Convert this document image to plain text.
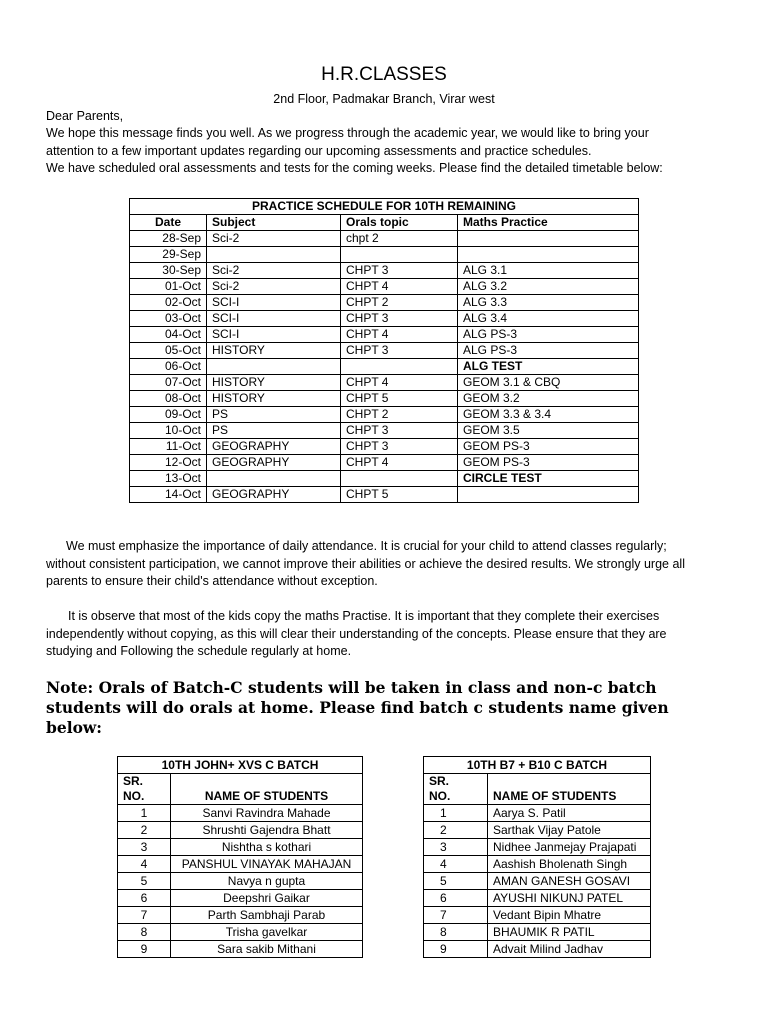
H.R.CLASSES
2nd Floor, Padmakar Branch, Virar west
Dear Parents,
We hope this message finds you well. As we progress through the academic year, we would like to bring your
attention to a few important updates regarding our upcoming assessments and practice schedules.
We have scheduled oral assessments and tests for the coming weeks. Please find the detailed timetable below:
PRACTICE SCHEDULE FOR 10TH REMAINING			
Date	Subject	Orals topic	Maths Practice
28-Sep	Sci-2	chpt 2	
29-Sep			
30-Sep	Sci-2	CHPT 3	ALG 3.1
01-Oct	Sci-2	CHPT 4	ALG 3.2
02-Oct	SCI-I	CHPT 2	ALG 3.3
03-Oct	SCI-I	CHPT 3	ALG 3.4
04-Oct	SCI-I	CHPT 4	ALG PS-3
05-Oct	HISTORY	CHPT 3	ALG PS-3
06-Oct			ALG TEST
07-Oct	HISTORY	CHPT 4	GEOM 3.1 & CBQ
08-Oct	HISTORY	CHPT 5	GEOM 3.2
09-Oct	PS	CHPT 2	GEOM 3.3 & 3.4
10-Oct	PS	CHPT 3	GEOM 3.5
11-Oct	GEOGRAPHY	CHPT 3	GEOM PS-3
12-Oct	GEOGRAPHY	CHPT 4	GEOM PS-3
13-Oct			CIRCLE TEST
14-Oct	GEOGRAPHY	CHPT 5	
We must emphasize the importance of daily attendance. It is crucial for your child to attend classes regularly;
without consistent participation, we cannot improve their abilities or achieve the desired results. We strongly urge all
parents to ensure their child's attendance without exception.
It is observe that most of the kids copy the maths Practise. It is important that they complete their exercises
independently without copying, as this will clear their understanding of the concepts. Please ensure that they are
studying and Following the schedule regularly at home.
Note: Orals of Batch-C students will be taken in class and non-c batch
students will do orals at home. Please find batch c students name given
below:
10TH JOHN+ XVS C BATCH	
SR.
NO.	NAME OF STUDENTS
1	Sanvi Ravindra Mahade
2	Shrushti Gajendra Bhatt
3	Nishtha s kothari
4	PANSHUL VINAYAK MAHAJAN
5	Navya n gupta
6	Deepshri Gaikar
7	Parth Sambhaji Parab
8	Trisha gavelkar
9	Sara sakib Mithani
10TH B7 + B10 C BATCH	
SR.
NO.	NAME OF STUDENTS
1	Aarya S. Patil
2	Sarthak Vijay Patole
3	Nidhee Janmejay Prajapati
4	Aashish Bholenath Singh
5	AMAN GANESH GOSAVI
6	AYUSHI NIKUNJ PATEL
7	Vedant Bipin Mhatre
8	BHAUMIK R PATIL
9	Advait Milind Jadhav
